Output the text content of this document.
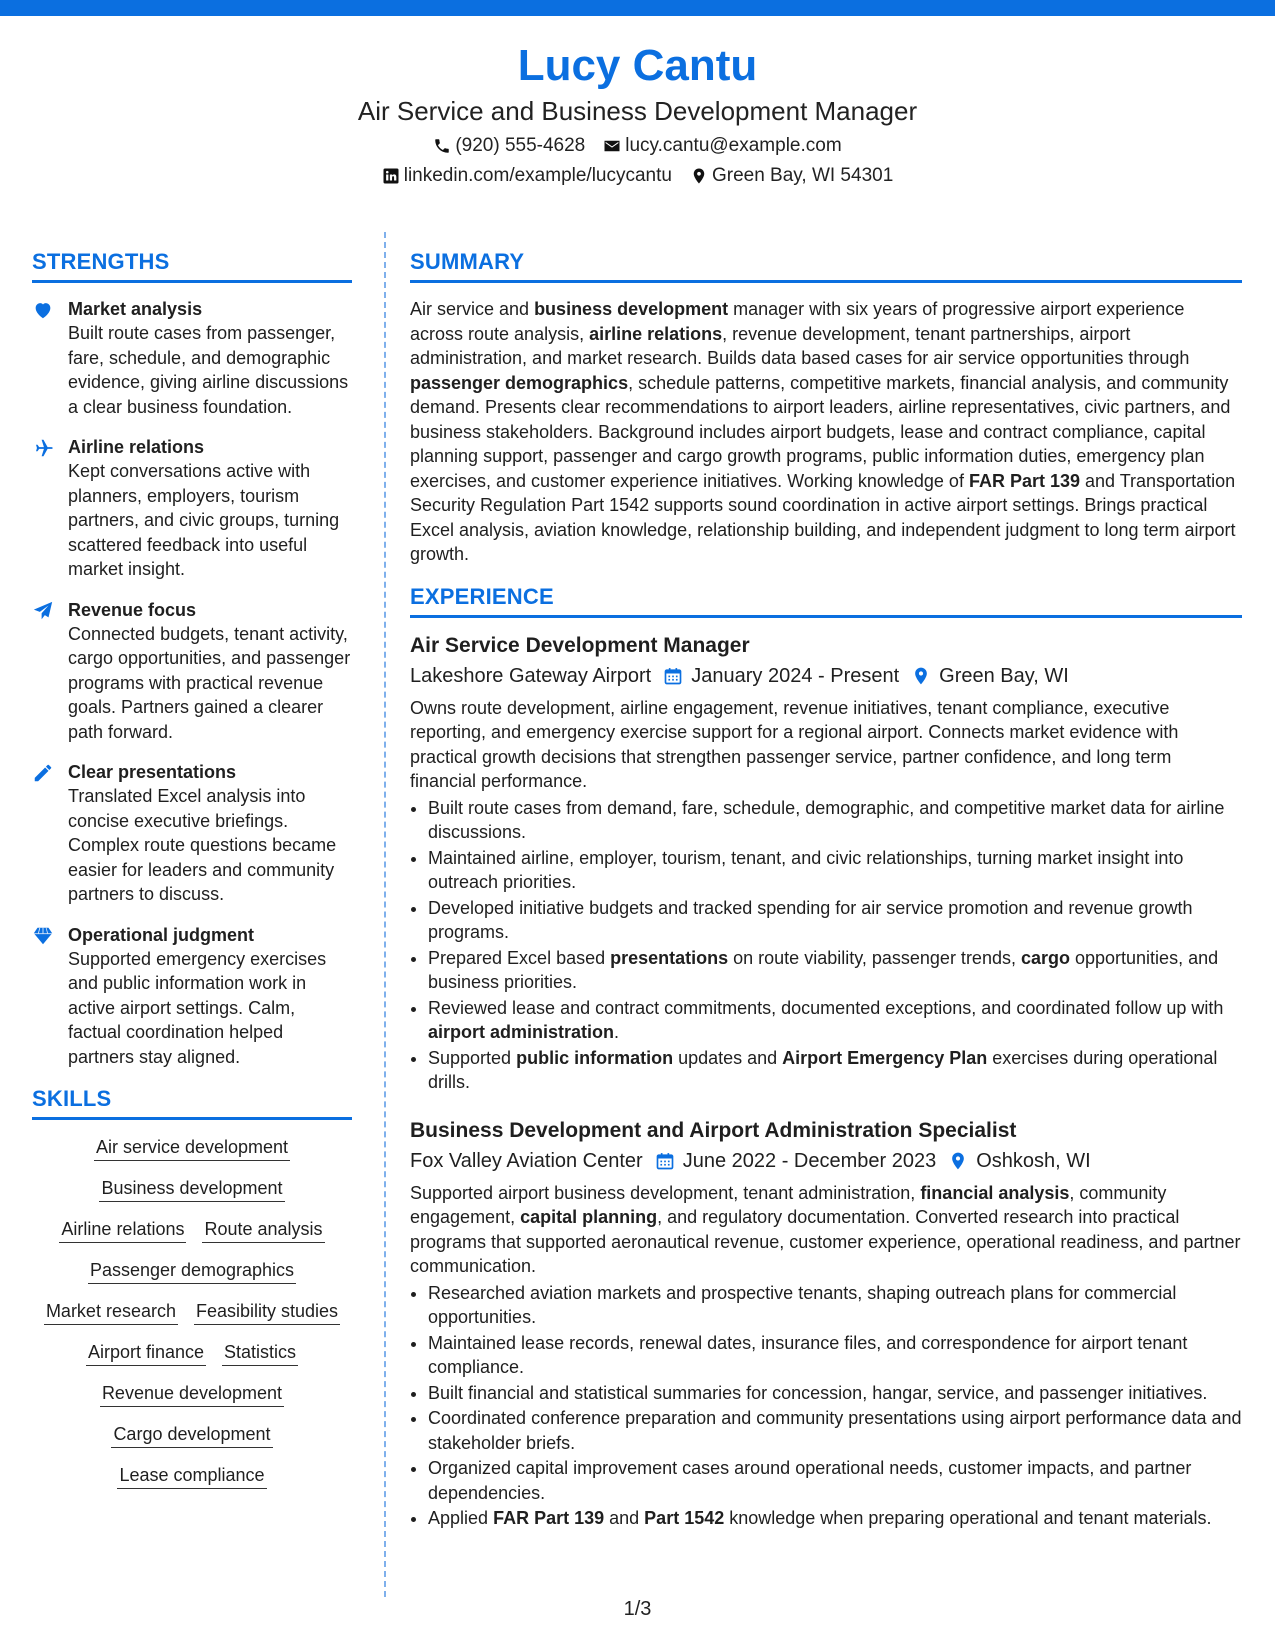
Lucy Cantu
Air Service and Business Development Manager
(920) 555-4628 lucy.cantu@example.com
linkedin.com/example/lucycantu Green Bay, WI 54301
STRENGTHS
Market analysis
Built route cases from passenger, fare, schedule, and demographic evidence, giving airline discussions a clear business foundation.
Airline relations
Kept conversations active with planners, employers, tourism partners, and civic groups, turning scattered feedback into useful market insight.
Revenue focus
Connected budgets, tenant activity, cargo opportunities, and passenger programs with practical revenue goals. Partners gained a clearer path forward.
Clear presentations
Translated Excel analysis into concise executive briefings. Complex route questions became easier for leaders and community partners to discuss.
Operational judgment
Supported emergency exercises and public information work in active airport settings. Calm, factual coordination helped partners stay aligned.
SKILLS
Air service development
Business development
Airline relations Route analysis
Passenger demographics
Market research Feasibility studies
Airport finance Statistics
Revenue development
Cargo development
Lease compliance
SUMMARY
Air service and business development manager with six years of progressive airport experience across route analysis, airline relations, revenue development, tenant partnerships, airport administration, and market research. Builds data based cases for air service opportunities through passenger demographics, schedule patterns, competitive markets, financial analysis, and community demand. Presents clear recommendations to airport leaders, airline representatives, civic partners, and business stakeholders. Background includes airport budgets, lease and contract compliance, capital planning support, passenger and cargo growth programs, public information duties, emergency plan exercises, and customer experience initiatives. Working knowledge of FAR Part 139 and Transportation Security Regulation Part 1542 supports sound coordination in active airport settings. Brings practical Excel analysis, aviation knowledge, relationship building, and independent judgment to long term airport growth.
EXPERIENCE
Air Service Development Manager
Lakeshore Gateway Airport January 2024 - Present Green Bay, WI
Owns route development, airline engagement, revenue initiatives, tenant compliance, executive reporting, and emergency exercise support for a regional airport. Connects market evidence with practical growth decisions that strengthen passenger service, partner confidence, and long term financial performance.
• Built route cases from demand, fare, schedule, demographic, and competitive market data for airline discussions.
• Maintained airline, employer, tourism, tenant, and civic relationships, turning market insight into outreach priorities.
• Developed initiative budgets and tracked spending for air service promotion and revenue growth programs.
• Prepared Excel based presentations on route viability, passenger trends, cargo opportunities, and business priorities.
• Reviewed lease and contract commitments, documented exceptions, and coordinated follow up with airport administration.
• Supported public information updates and Airport Emergency Plan exercises during operational drills.
Business Development and Airport Administration Specialist
Fox Valley Aviation Center June 2022 - December 2023 Oshkosh, WI
Supported airport business development, tenant administration, financial analysis, community engagement, capital planning, and regulatory documentation. Converted research into practical programs that supported aeronautical revenue, customer experience, operational readiness, and partner communication.
• Researched aviation markets and prospective tenants, shaping outreach plans for commercial opportunities.
• Maintained lease records, renewal dates, insurance files, and correspondence for airport tenant compliance.
• Built financial and statistical summaries for concession, hangar, service, and passenger initiatives.
• Coordinated conference preparation and community presentations using airport performance data and stakeholder briefs.
• Organized capital improvement cases around operational needs, customer impacts, and partner dependencies.
• Applied FAR Part 139 and Part 1542 knowledge when preparing operational and tenant materials.
1/3
